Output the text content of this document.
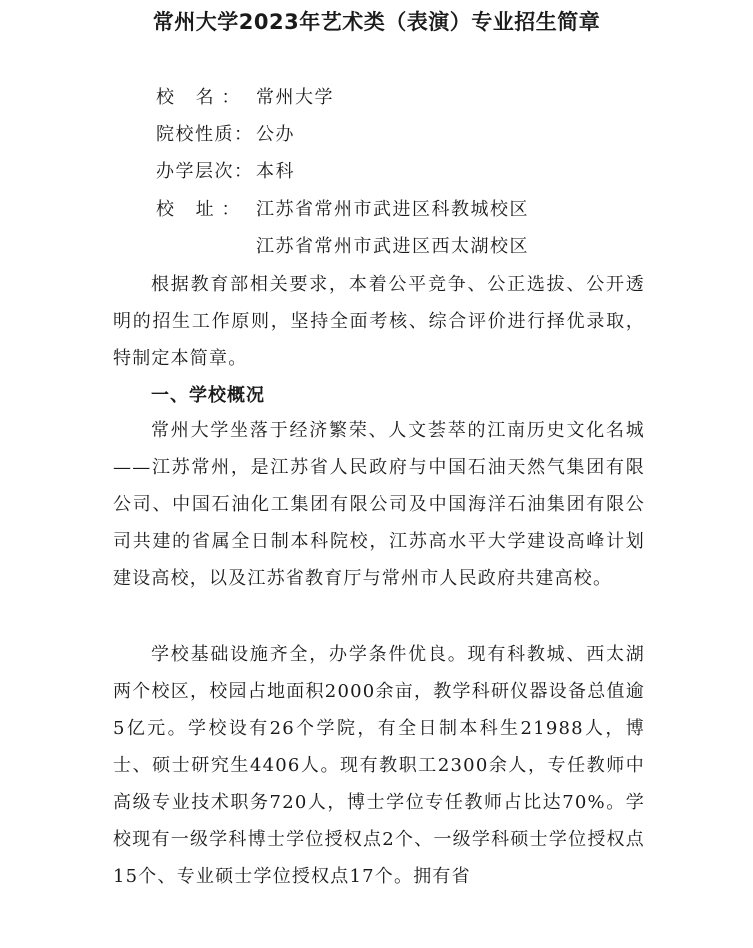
常州大学2023年艺术类（表演）专业招生简章
校 名： 常州大学
院校性质： 公办
办学层次： 本科
校 址： 江苏省常州市武进区科教城校区
江苏省常州市武进区西太湖校区
根据教育部相关要求，本着公平竞争、公正选拔、公开透明的招生工作原则，坚持全面考核、综合评价进行择优录取，特制定本简章。
一、学校概况
常州大学坐落于经济繁荣、人文荟萃的江南历史文化名城——江苏常州，是江苏省人民政府与中国石油天然气集团有限公司、中国石油化工集团有限公司及中国海洋石油集团有限公司共建的省属全日制本科院校，江苏高水平大学建设高峰计划建设高校，以及江苏省教育厅与常州市人民政府共建高校。
学校基础设施齐全，办学条件优良。现有科教城、西太湖两个校区，校园占地面积2000余亩，教学科研仪器设备总值逾5亿元。学校设有26个学院，有全日制本科生21988人，博士、硕士研究生4406人。现有教职工2300余人，专任教师中高级专业技术职务720人，博士学位专任教师占比达70%。学校现有一级学科博士学位授权点2个、一级学科硕士学位授权点15个、专业硕士学位授权点17个。拥有省
